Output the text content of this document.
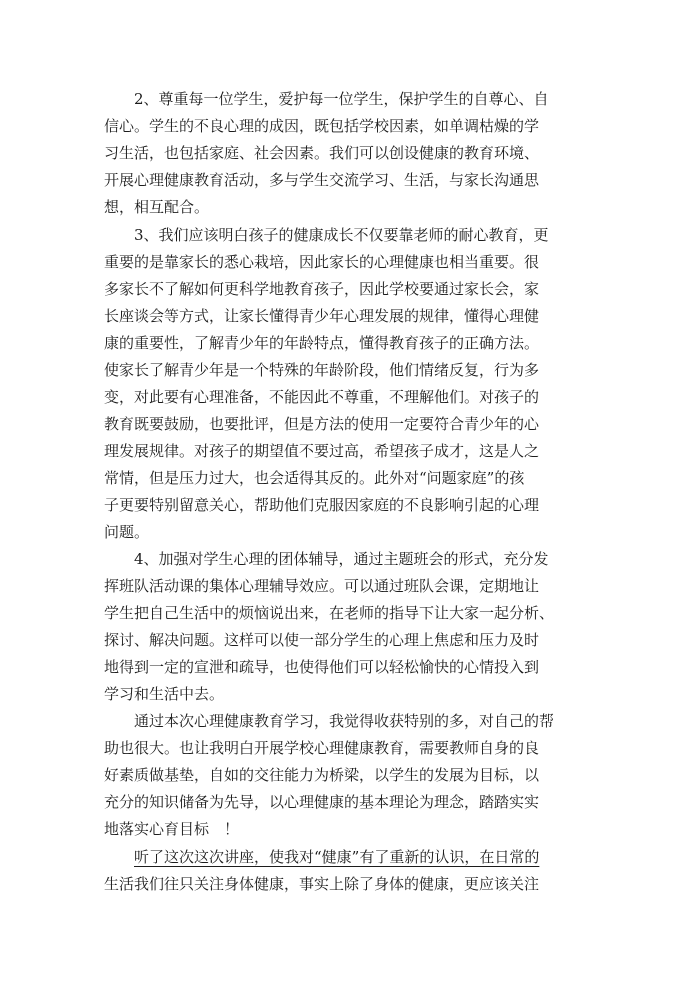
2、尊重每一位学生，爱护每一位学生，保护学生的自尊心、自
信心。学生的不良心理的成因，既包括学校因素，如单调枯燥的学
习生活，也包括家庭、社会因素。我们可以创设健康的教育环境、
开展心理健康教育活动，多与学生交流学习、生活，与家长沟通思
想，相互配合。
3、我们应该明白孩子的健康成长不仅要靠老师的耐心教育，更
重要的是靠家长的悉心栽培，因此家长的心理健康也相当重要。很
多家长不了解如何更科学地教育孩子，因此学校要通过家长会，家
长座谈会等方式，让家长懂得青少年心理发展的规律，懂得心理健
康的重要性，了解青少年的年龄特点，懂得教育孩子的正确方法。
使家长了解青少年是一个特殊的年龄阶段，他们情绪反复，行为多
变，对此要有心理准备，不能因此不尊重，不理解他们。对孩子的
教育既要鼓励，也要批评，但是方法的使用一定要符合青少年的心
理发展规律。对孩子的期望值不要过高，希望孩子成才，这是人之
常情，但是压力过大，也会适得其反的。此外对“问题家庭”的孩
子更要特别留意关心，帮助他们克服因家庭的不良影响引起的心理
问题。
4、加强对学生心理的团体辅导，通过主题班会的形式，充分发
挥班队活动课的集体心理辅导效应。可以通过班队会课，定期地让
学生把自己生活中的烦恼说出来，在老师的指导下让大家一起分析、
探讨、解决问题。这样可以使一部分学生的心理上焦虑和压力及时
地得到一定的宣泄和疏导，也使得他们可以轻松愉快的心情投入到
学习和生活中去。
通过本次心理健康教育学习，我觉得收获特别的多，对自己的帮
助也很大。也让我明白开展学校心理健康教育，需要教师自身的良
好素质做基垫，自如的交往能力为桥梁，以学生的发展为目标，以
充分的知识储备为先导，以心理健康的基本理论为理念，踏踏实实
地落实心育目标　！
听了这次这次讲座，使我对“健康”有了重新的认识，在日常的
生活我们往只关注身体健康，事实上除了身体的健康，更应该关注
